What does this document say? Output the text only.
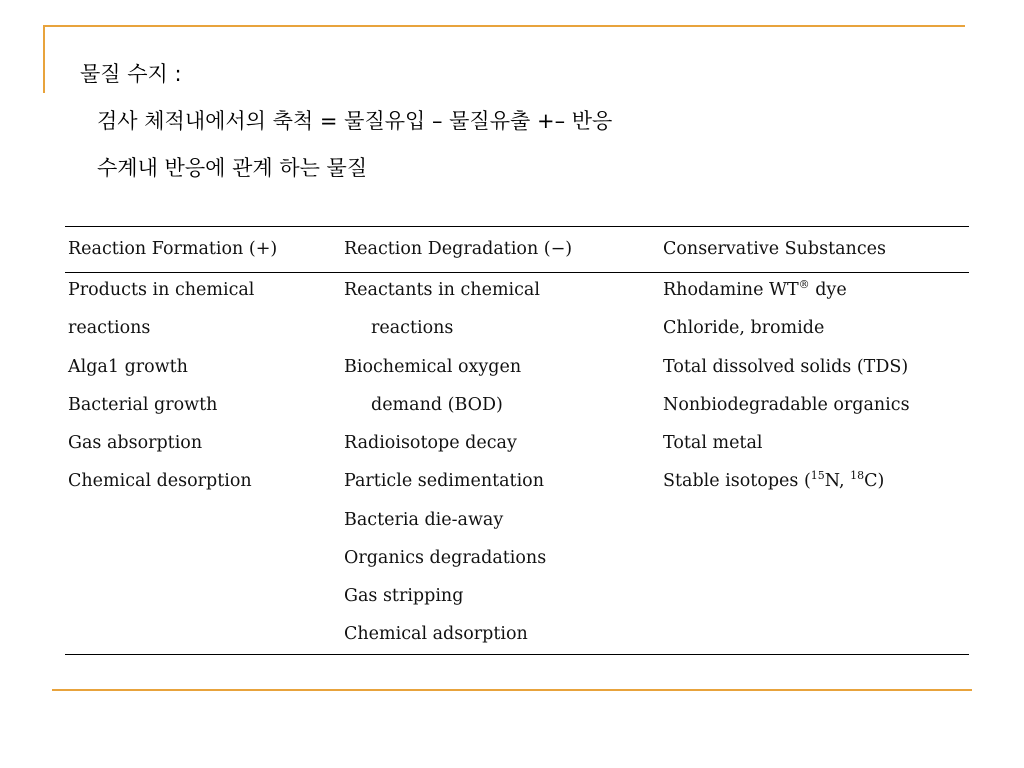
물질 수지 :
검사 체적내에서의 축척 = 물질유입 – 물질유출 +– 반응
수계내 반응에 관계 하는 물질
Reaction Formation (+)	Reaction Degradation (−)	Conservative Substances
Products in chemical
reactions
Alga1 growth
Bacterial growth
Gas absorption
Chemical desorption
Reactants in chemical
reactions
Biochemical oxygen
demand (BOD)
Radioisotope decay
Particle sedimentation
Bacteria die-away
Organics degradations
Gas stripping
Chemical adsorption
Rhodamine WT® dye
Chloride, bromide
Total dissolved solids (TDS)
Nonbiodegradable organics
Total metal
Stable isotopes ($^{15}$N, $^{18}$C)
